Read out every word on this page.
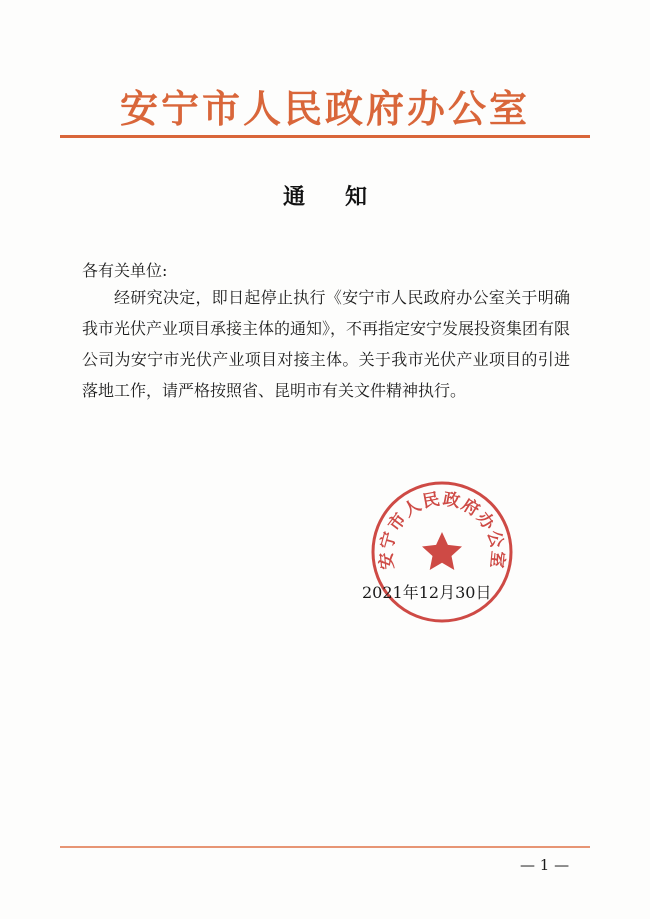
安宁市人民政府办公室
通 知
各有关单位:
经研究决定，即日起停止执行《安宁市人民政府办公室关于明确我市光伏产业项目承接主体的通知》，不再指定安宁发展投资集团有限公司为安宁市光伏产业项目对接主体。关于我市光伏产业项目的引进落地工作，请严格按照省、昆明市有关文件精神执行。
安宁市人民政府办公室
2021年12月30日
— 1 —
